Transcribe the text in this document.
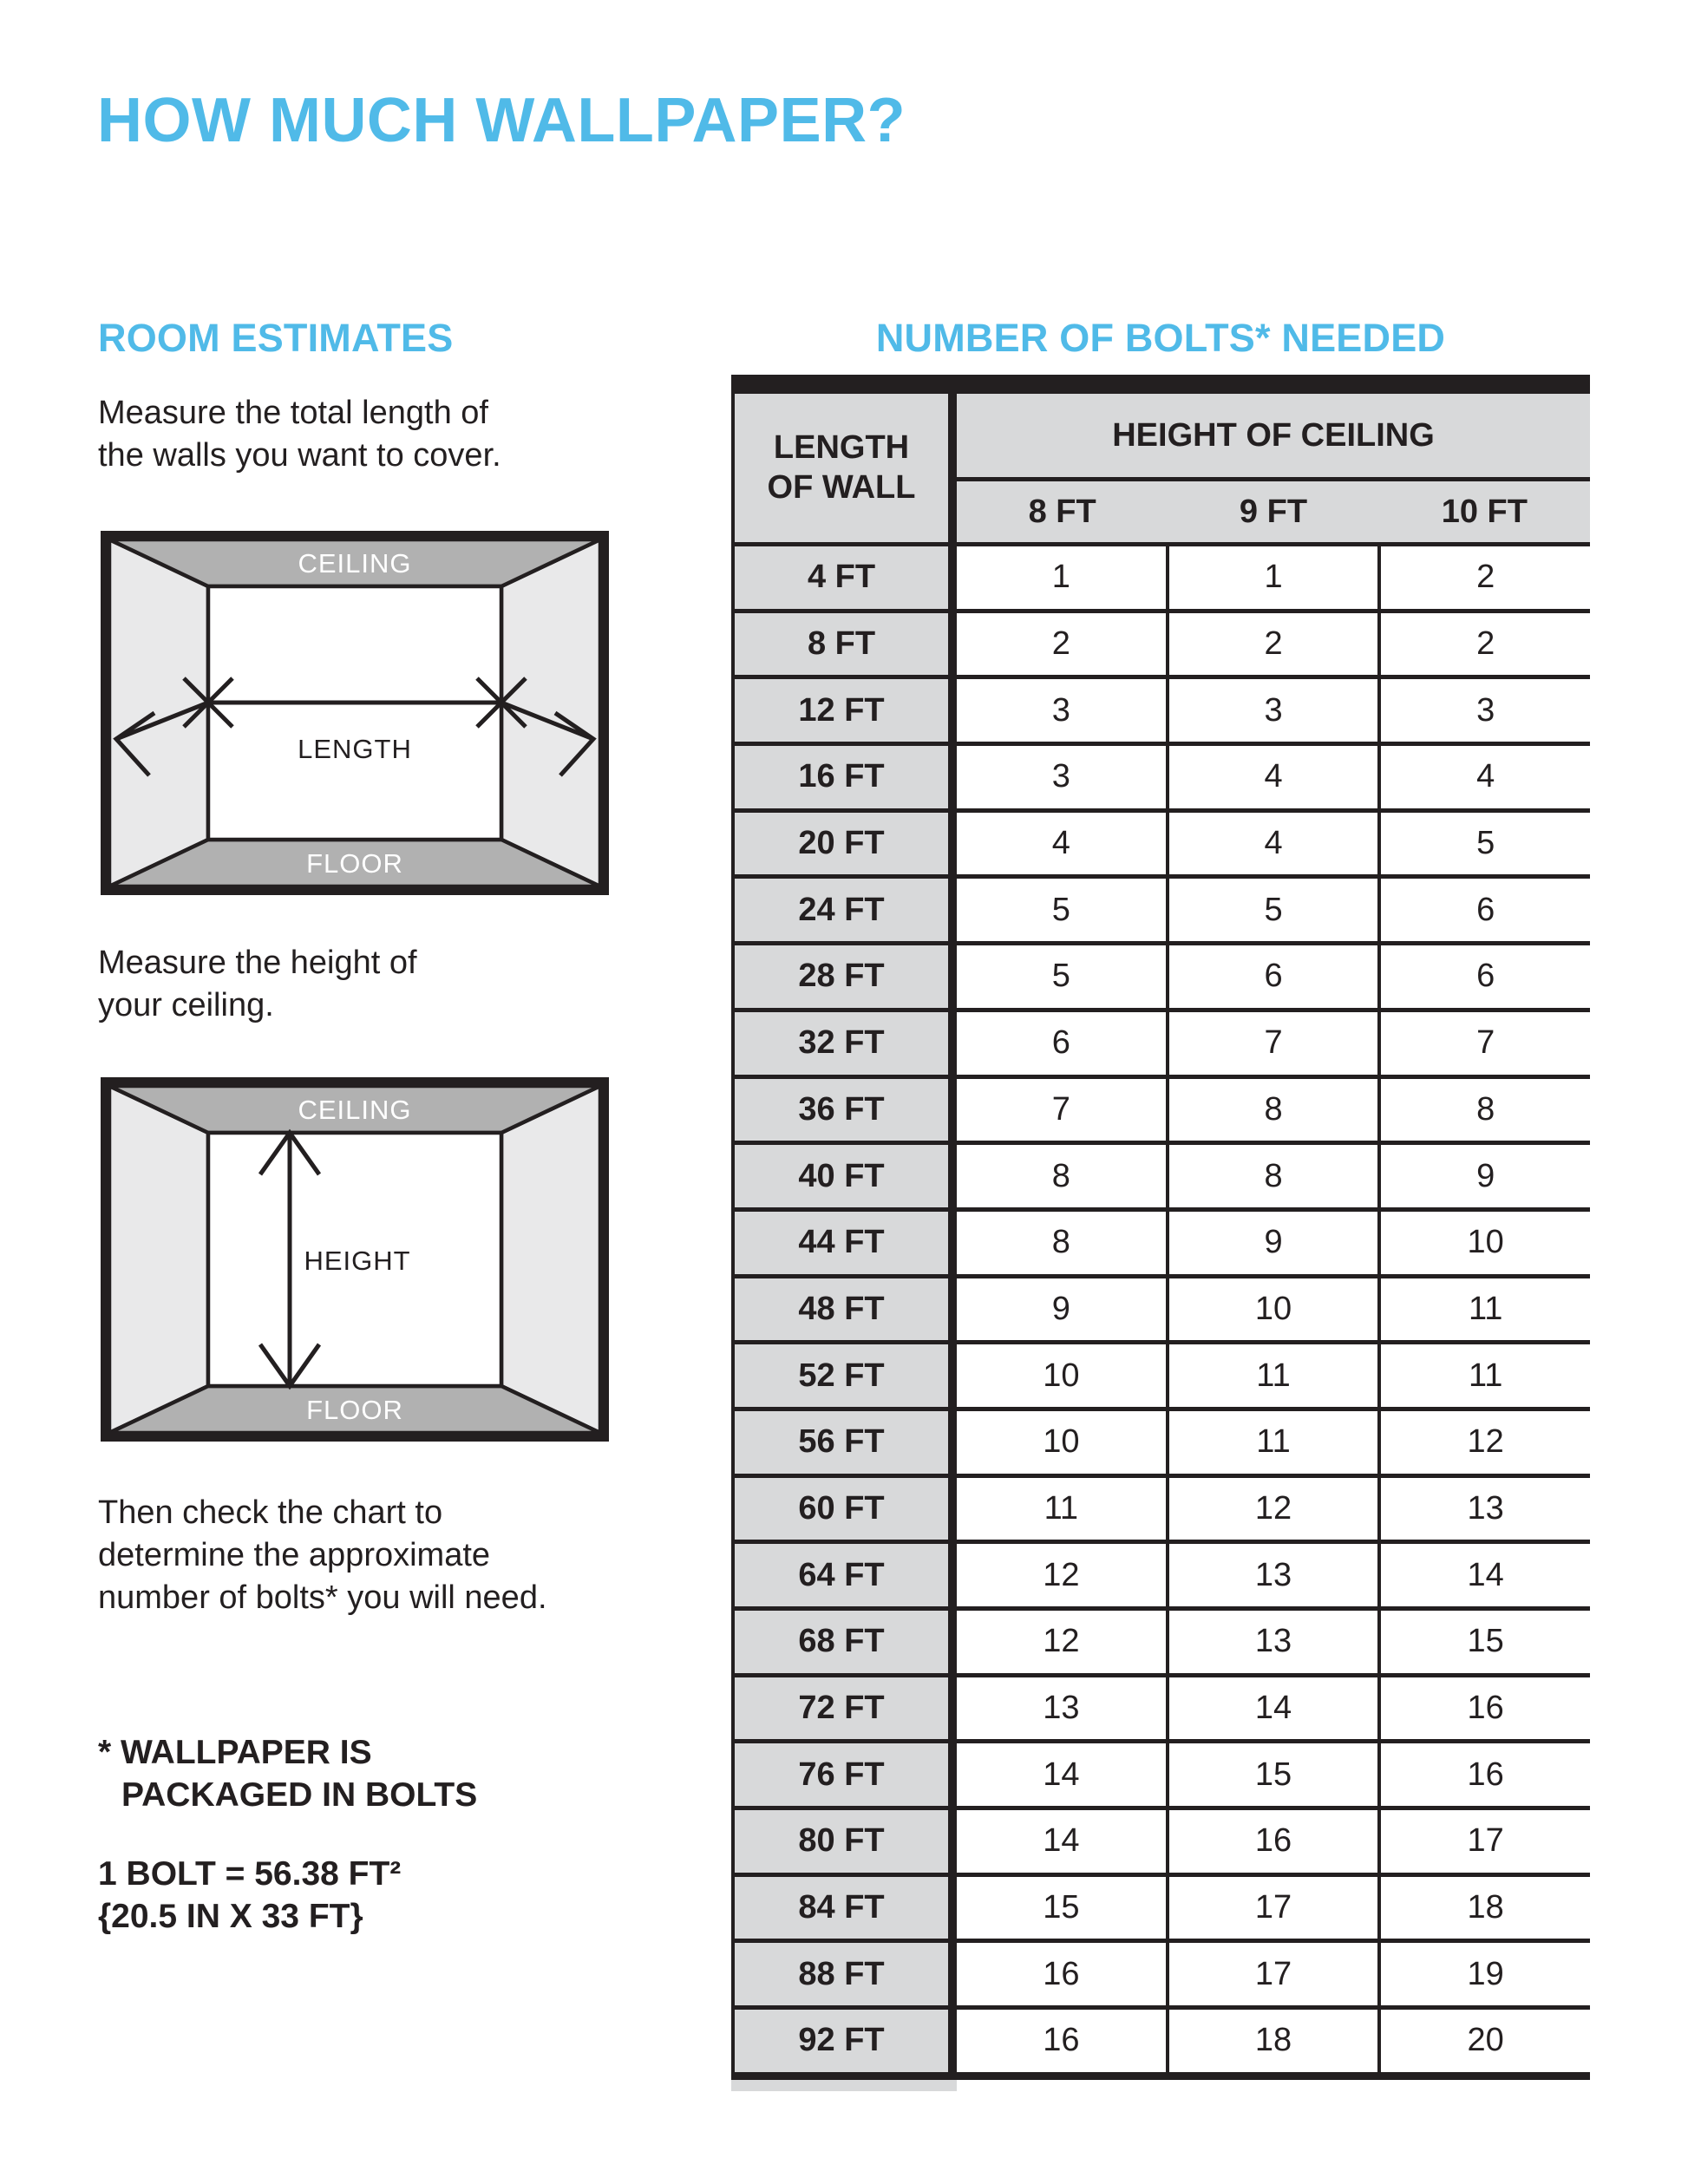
HOW MUCH WALLPAPER?
ROOM ESTIMATES
Measure the total length of
the walls you want to cover.
CEILING
FLOOR
LENGTH
Measure the height of
your ceiling.
CEILING
FLOOR
HEIGHT
Then check the chart to
determine the approximate
number of bolts* you will need.
* WALLPAPER IS
PACKAGED IN BOLTS
1 BOLT = 56.38 FT²
{20.5 IN X 33 FT}
NUMBER OF BOLTS* NEEDED
LENGTH
OF WALL
HEIGHT OF CEILING
8 FT	9 FT	10 FT
4 FT	1	1	2
8 FT	2	2	2
12 FT	3	3	3
16 FT	3	4	4
20 FT	4	4	5
24 FT	5	5	6
28 FT	5	6	6
32 FT	6	7	7
36 FT	7	8	8
40 FT	8	8	9
44 FT	8	9	10
48 FT	9	10	11
52 FT	10	11	11
56 FT	10	11	12
60 FT	11	12	13
64 FT	12	13	14
68 FT	12	13	15
72 FT	13	14	16
76 FT	14	15	16
80 FT	14	16	17
84 FT	15	17	18
88 FT	16	17	19
92 FT	16	18	20
